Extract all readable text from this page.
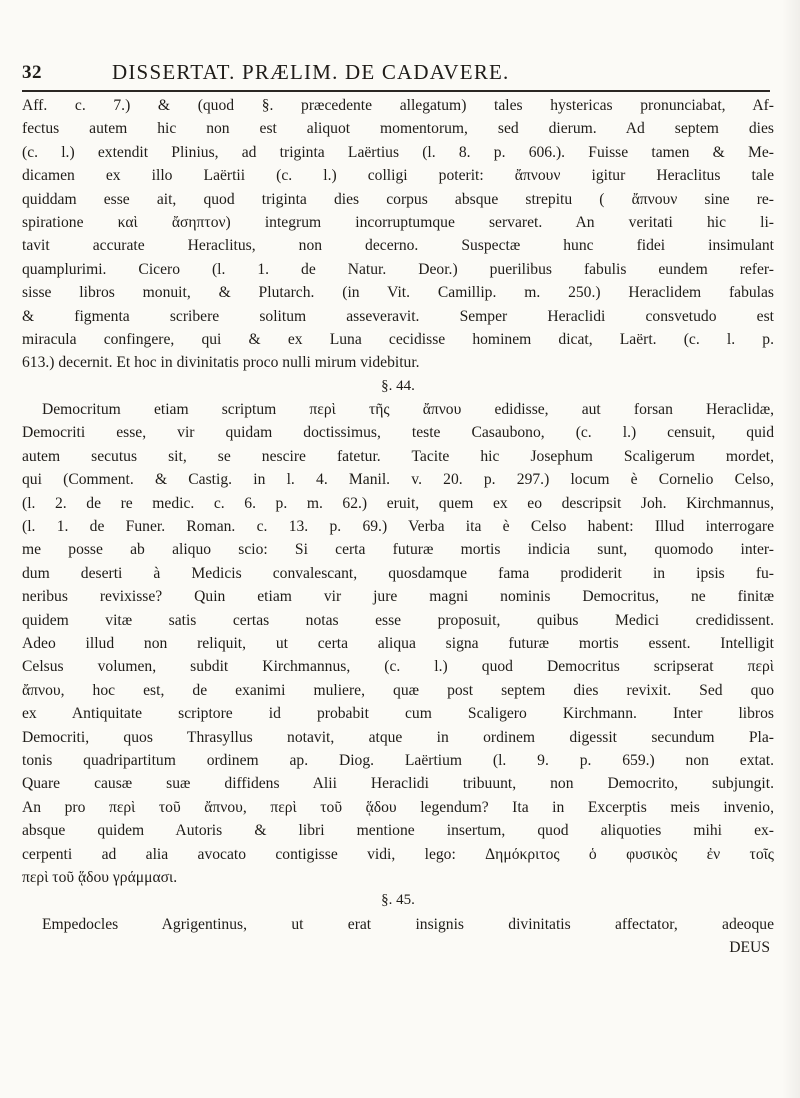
32	DISSERTAT. PRÆLIM. DE CADAVERE.
Aff. c. 7.) & (quod §. præcedente allegatum) tales hystericas pronunciabat, Af-
fectus autem hic non est aliquot momentorum, sed dierum. Ad septem dies
(c. l.) extendit Plinius, ad triginta Laërtius (l. 8. p. 606.). Fuisse tamen & Me-
dicamen ex illo Laërtii (c. l.) colligi poterit: ἄπνουν igitur Heraclitus tale
quiddam esse ait, quod triginta dies corpus absque strepitu ( ἄπνουν sine re-
spiratione καὶ ἄσηπτον) integrum incorruptumque servaret. An veritati hic li-
tavit accurate Heraclitus, non decerno. Suspectæ hunc fidei insimulant
quamplurimi. Cicero (l. 1. de Natur. Deor.) puerilibus fabulis eundem refer-
sisse libros monuit, & Plutarch. (in Vit. Camillip. m. 250.) Heraclidem fabulas
& figmenta scribere solitum asseveravit. Semper Heraclidi consvetudo est
miracula confingere, qui & ex Luna cecidisse hominem dicat, Laërt. (c. l. p.
613.) decernit. Et hoc in divinitatis proco nulli mirum videbitur.
§. 44.
Democritum etiam scriptum περὶ τῆς ἄπνου edidisse, aut forsan Heraclidæ,
Democriti esse, vir quidam doctissimus, teste Casaubono, (c. l.) censuit, quid
autem secutus sit, se nescire fatetur. Tacite hic Josephum Scaligerum mordet,
qui (Comment. & Castig. in l. 4. Manil. v. 20. p. 297.) locum è Cornelio Celso,
(l. 2. de re medic. c. 6. p. m. 62.) eruit, quem ex eo descripsit Joh. Kirchmannus,
(l. 1. de Funer. Roman. c. 13. p. 69.) Verba ita è Celso habent: Illud interrogare
me posse ab aliquo scio: Si certa futuræ mortis indicia sunt, quomodo inter-
dum deserti à Medicis convalescant, quosdamque fama prodiderit in ipsis fu-
neribus revixisse? Quin etiam vir jure magni nominis Democritus, ne finitæ
quidem vitæ satis certas notas esse proposuit, quibus Medici credidissent.
Adeo illud non reliquit, ut certa aliqua signa futuræ mortis essent. Intelligit
Celsus volumen, subdit Kirchmannus, (c. l.) quod Democritus scripserat περὶ
ἄπνου, hoc est, de exanimi muliere, quæ post septem dies revixit. Sed quo
ex Antiquitate scriptore id probabit cum Scaligero Kirchmann. Inter libros
Democriti, quos Thrasyllus notavit, atque in ordinem digessit secundum Pla-
tonis quadripartitum ordinem ap. Diog. Laërtium (l. 9. p. 659.) non extat.
Quare causæ suæ diffidens Alii Heraclidi tribuunt, non Democrito, subjungit.
An pro περὶ τοῦ ἄπνου, περὶ τοῦ ᾅδου legendum? Ita in Excerptis meis invenio,
absque quidem Autoris & libri mentione insertum, quod aliquoties mihi ex-
cerpenti ad alia avocato contigisse vidi, lego: Δημόκριτος ὁ φυσικὸς ἐν τοῖς
περὶ τοῦ ᾅδου γράμμασι.
§. 45.
Empedocles Agrigentinus, ut erat insignis divinitatis affectator, adeoque
DEUS
